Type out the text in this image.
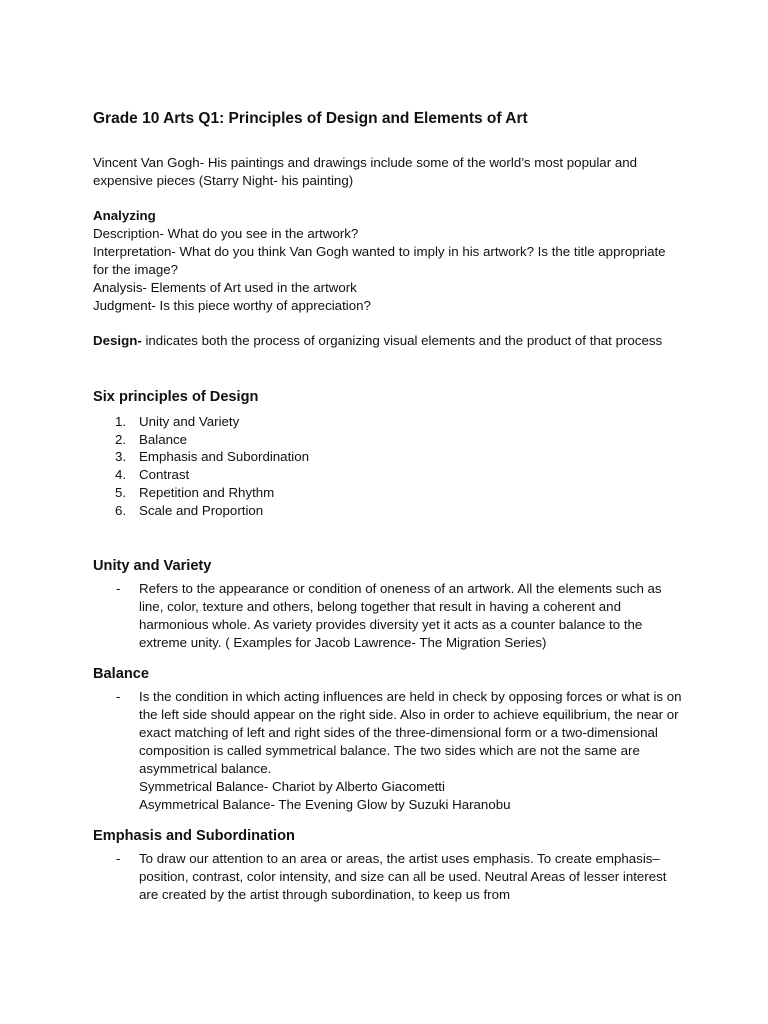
Grade 10 Arts Q1: Principles of Design and Elements of Art

Vincent Van Gogh- His paintings and drawings include some of the world’s most popular and expensive pieces (Starry Night- his painting)

Analyzing

Description- What do you see in the artwork?

Interpretation- What do you think Van Gogh wanted to imply in his artwork? Is the title appropriate for the image?

Analysis- Elements of Art used in the artwork

Judgment- Is this piece worthy of appreciation?

Design- indicates both the process of organizing visual elements and the product of that process

Six principles of Design
1. Unity and Variety
2. Balance
3. Emphasis and Subordination
4. Contrast
5. Repetition and Rhythm
6. Scale and Proportion
Unity and Variety
- Refers to the appearance or condition of oneness of an artwork. All the elements such as line, color, texture and others, belong together that result in having a coherent and harmonious whole. As variety provides diversity yet it acts as a counter balance to the extreme unity. ( Examples for Jacob Lawrence- The Migration Series)

Balance
- Is the condition in which acting influences are held in check by opposing forces or what is on the left side should appear on the right side. Also in order to achieve equilibrium, the near or exact matching of left and right sides of the three-dimensional form or a two-dimensional composition is called symmetrical balance. The two sides which are not the same are asymmetrical balance.

Symmetrical Balance- Chariot by Alberto Giacometti

Asymmetrical Balance- The Evening Glow by Suzuki Haranobu

Emphasis and Subordination
- To draw our attention to an area or areas, the artist uses emphasis. To create emphasis– position, contrast, color intensity, and size can all be used. Neutral Areas of lesser interest are created by the artist through subordination, to keep us from
